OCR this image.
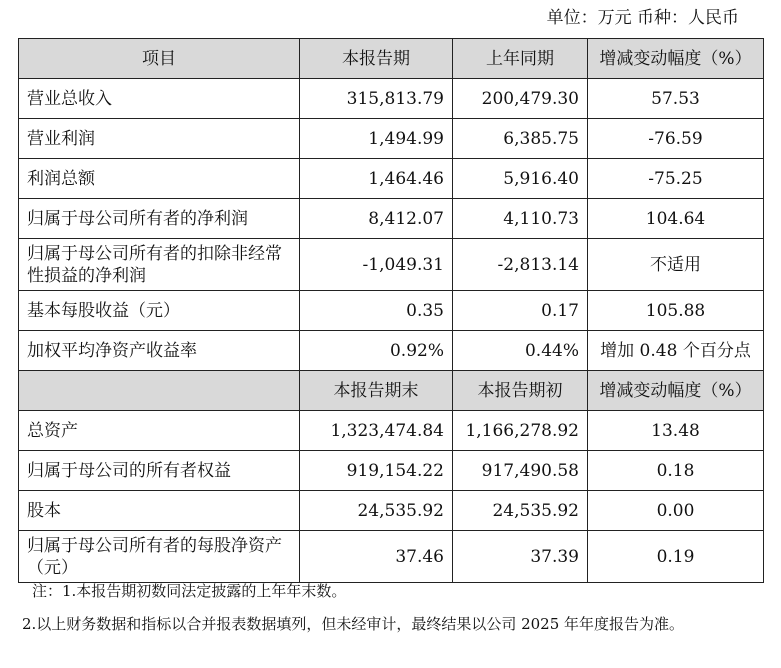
单位：万元 币种：人民币
项目	本报告期	上年同期	增减变动幅度（%）
营业总收入	315,813.79	200,479.30	57.53
营业利润	1,494.99	6,385.75	-76.59
利润总额	1,464.46	5,916.40	-75.25
归属于母公司所有者的净利润	8,412.07	4,110.73	104.64
归属于母公司所有者的扣除非经常性损益的净利润	-1,049.31	-2,813.14	不适用
基本每股收益（元）	0.35	0.17	105.88
加权平均净资产收益率	0.92%	0.44%	增加 0.48 个百分点
	本报告期末	本报告期初	增减变动幅度（%）
总资产	1,323,474.84	1,166,278.92	13.48
归属于母公司的所有者权益	919,154.22	917,490.58	0.18
股本	24,535.92	24,535.92	0.00
归属于母公司所有者的每股净资产（元）	37.46	37.39	0.19

注：1.本报告期初数同法定披露的上年年末数。

2.以上财务数据和指标以合并报表数据填列，但未经审计，最终结果以公司 2025 年年度报告为准。
